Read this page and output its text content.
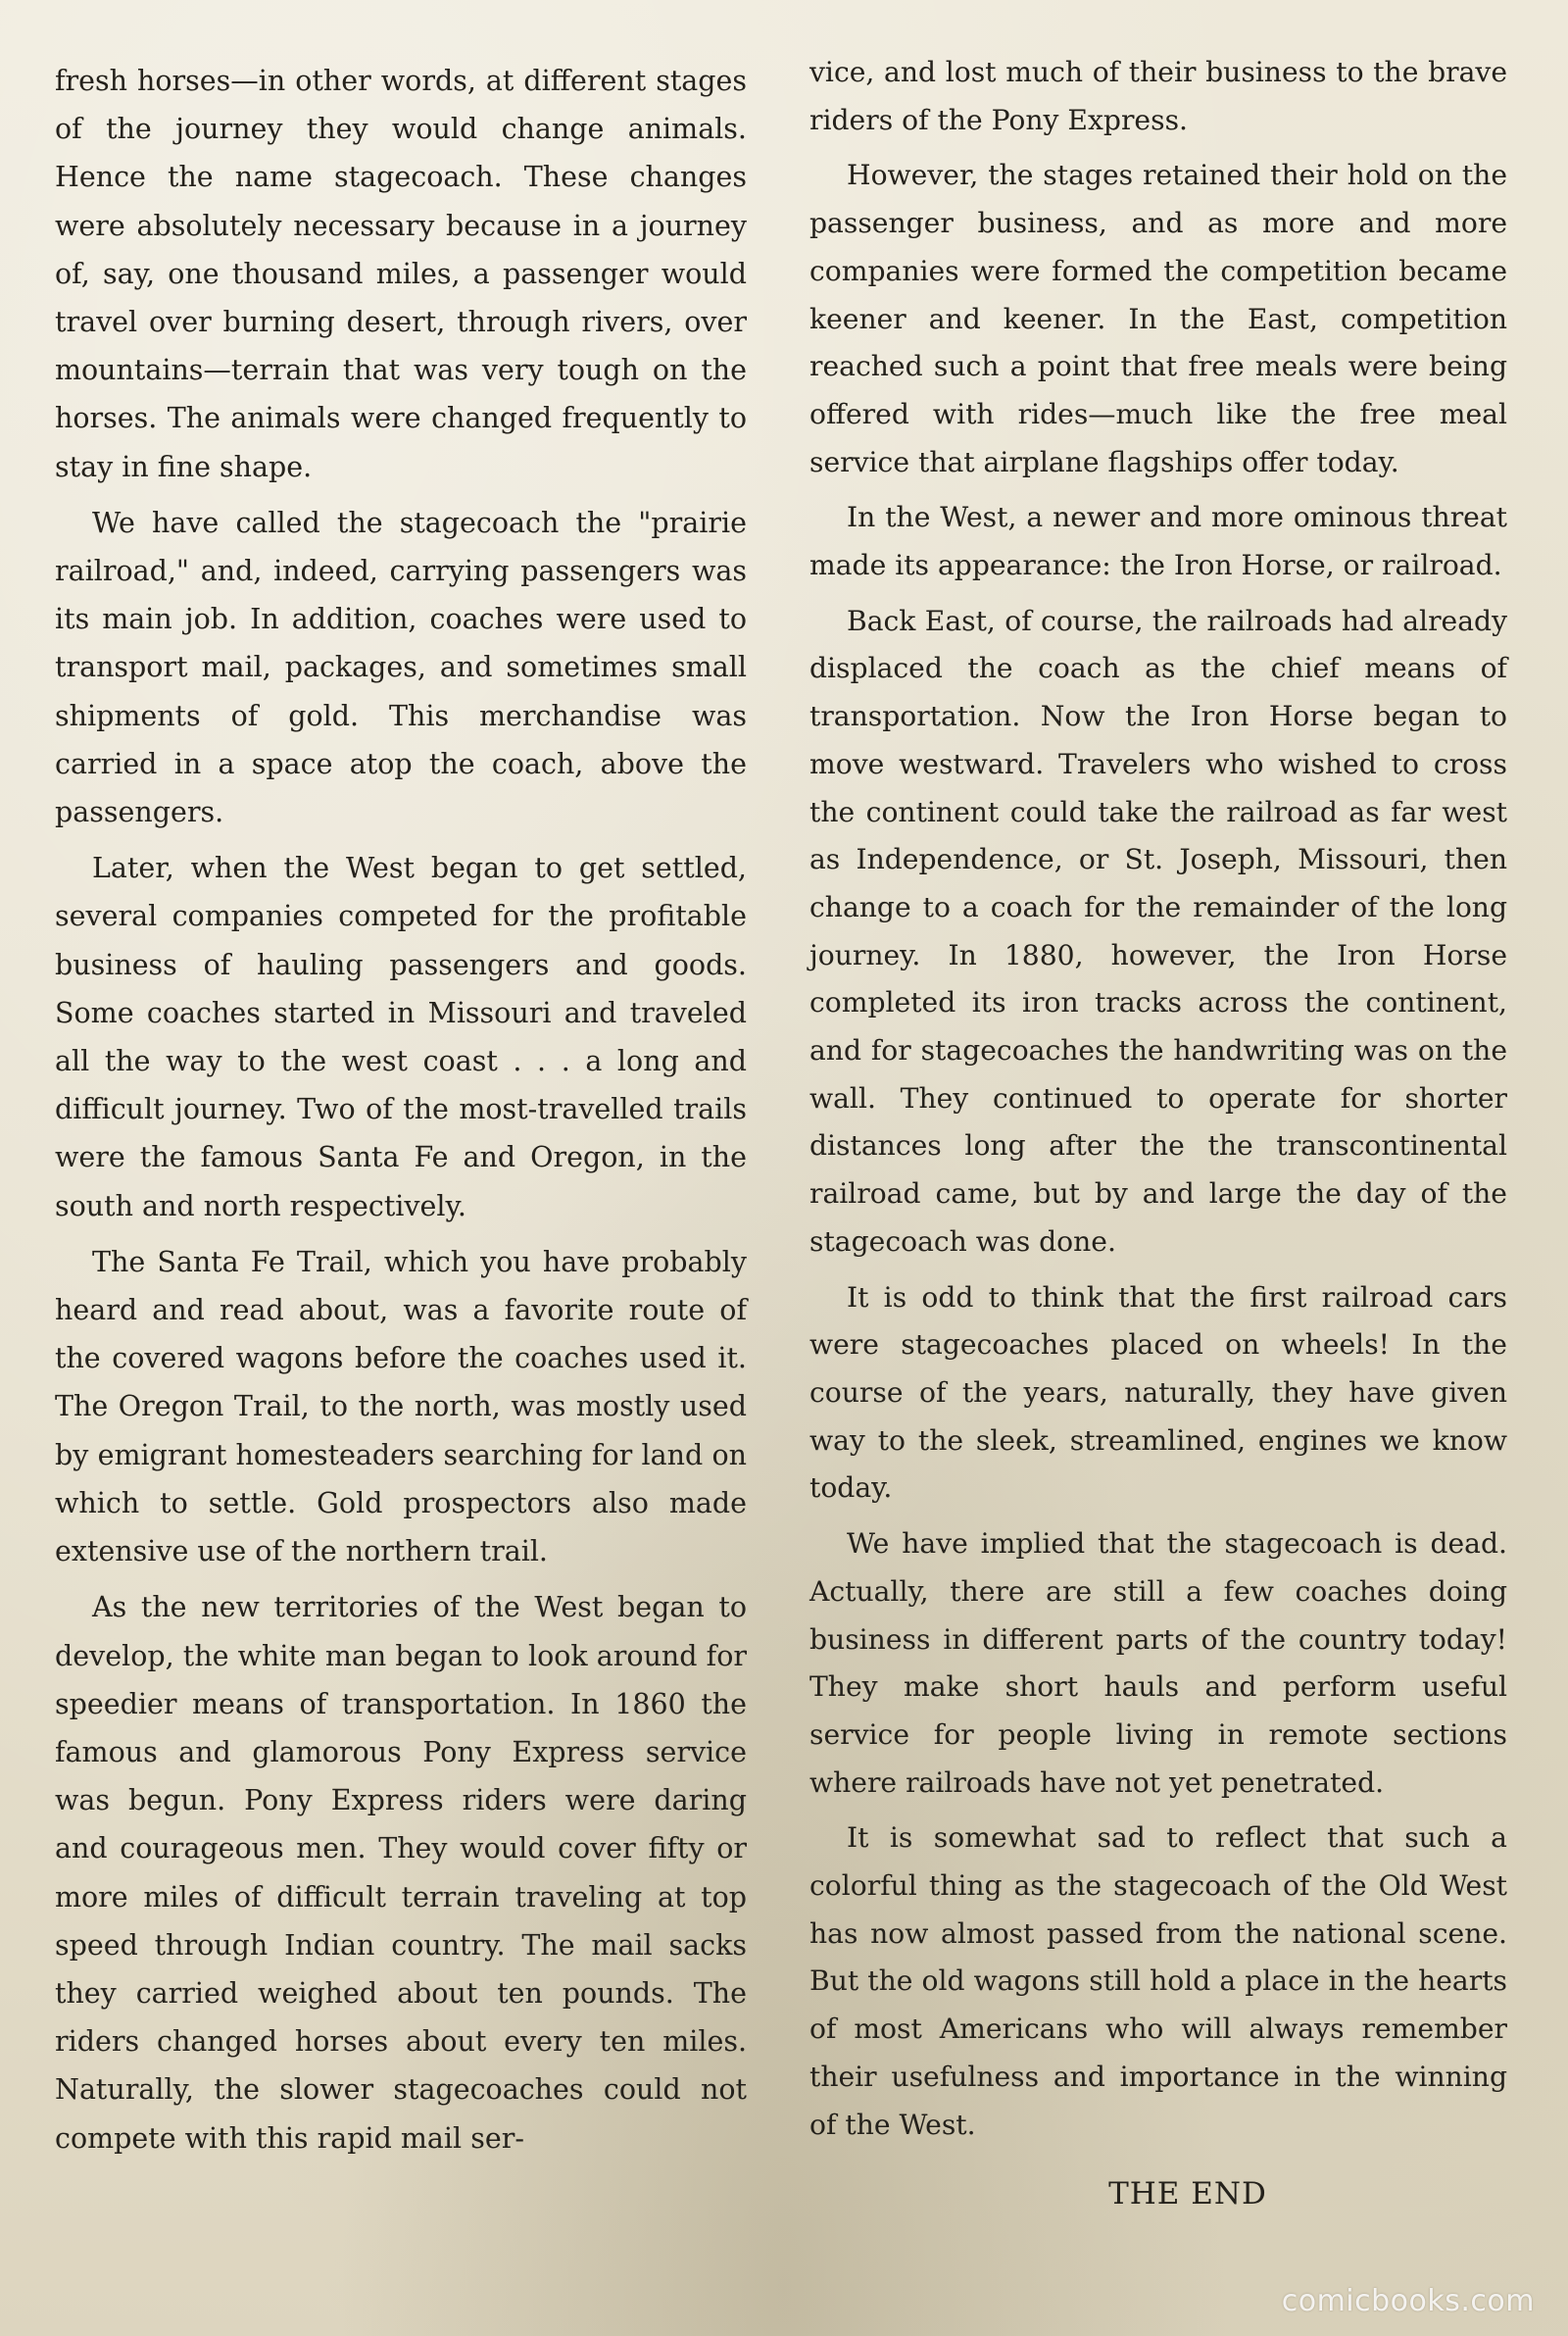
fresh horses—in other words, at different stages of the journey they would change animals. Hence the name stagecoach. These changes were absolutely necessary because in a journey of, say, one thousand miles, a passenger would travel over burning desert, through rivers, over mountains—terrain that was very tough on the horses. The animals were changed frequently to stay in fine shape.

We have called the stagecoach the "prairie railroad," and, indeed, carrying passengers was its main job. In addition, coaches were used to transport mail, packages, and sometimes small shipments of gold. This merchandise was carried in a space atop the coach, above the passengers.

Later, when the West began to get settled, several companies competed for the profitable business of hauling passengers and goods. Some coaches started in Missouri and traveled all the way to the west coast . . . a long and difficult journey. Two of the most-travelled trails were the famous Santa Fe and Oregon, in the south and north respectively.

The Santa Fe Trail, which you have probably heard and read about, was a favorite route of the covered wagons before the coaches used it. The Oregon Trail, to the north, was mostly used by emigrant homesteaders searching for land on which to settle. Gold prospectors also made extensive use of the northern trail.

As the new territories of the West began to develop, the white man began to look around for speedier means of transportation. In 1860 the famous and glamorous Pony Express service was begun. Pony Express riders were daring and courageous men. They would cover fifty or more miles of difficult terrain traveling at top speed through Indian country. The mail sacks they carried weighed about ten pounds. The riders changed horses about every ten miles. Naturally, the slower stagecoaches could not compete with this rapid mail ser-

vice, and lost much of their business to the brave riders of the Pony Express.

However, the stages retained their hold on the passenger business, and as more and more companies were formed the competition became keener and keener. In the East, competition reached such a point that free meals were being offered with rides—much like the free meal service that airplane flagships offer today.

In the West, a newer and more ominous threat made its appearance: the Iron Horse, or railroad.

Back East, of course, the railroads had already displaced the coach as the chief means of transportation. Now the Iron Horse began to move westward. Travelers who wished to cross the continent could take the railroad as far west as Independence, or St. Joseph, Missouri, then change to a coach for the remainder of the long journey. In 1880, however, the Iron Horse completed its iron tracks across the continent, and for stagecoaches the handwriting was on the wall. They continued to operate for shorter distances long after the the transcontinental railroad came, but by and large the day of the stagecoach was done.

It is odd to think that the first railroad cars were stagecoaches placed on wheels! In the course of the years, naturally, they have given way to the sleek, streamlined, engines we know today.

We have implied that the stagecoach is dead. Actually, there are still a few coaches doing business in different parts of the country today! They make short hauls and perform useful service for people living in remote sections where railroads have not yet penetrated.

It is somewhat sad to reflect that such a colorful thing as the stagecoach of the Old West has now almost passed from the national scene. But the old wagons still hold a place in the hearts of most Americans who will always remember their usefulness and importance in the winning of the West.

THE END

comicbooks.com
